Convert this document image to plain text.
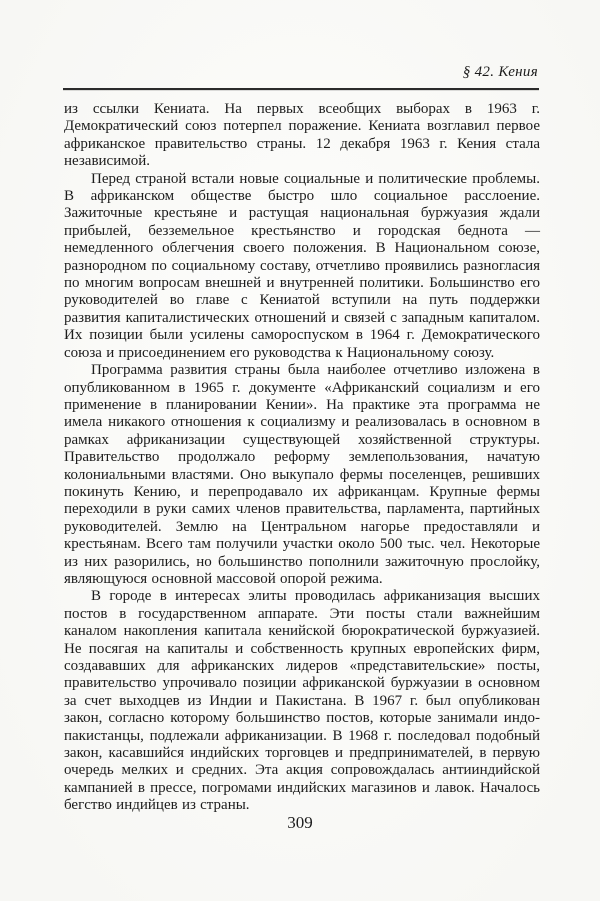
§ 42. Кения

из ссылки Кениата. На первых всеобщих выборах в 1963 г. Демократический союз потерпел поражение. Кениата возглавил первое африканское правительство страны. 12 декабря 1963 г. Кения стала независимой.

Перед страной встали новые социальные и политические проблемы. В африканском обществе быстро шло социальное расслоение. Зажиточные крестьяне и растущая национальная буржуазия ждали прибылей, безземельное крестьянство и городская беднота — немедленного облегчения своего положения. В Национальном союзе, разнородном по социальному составу, отчетливо проявились разногласия по многим вопросам внешней и внутренней политики. Большинство его руководителей во главе с Кениатой вступили на путь поддержки развития капиталистических отношений и связей с западным капиталом. Их позиции были усилены самороспуском в 1964 г. Демократического союза и присоединением его руководства к Национальному союзу.

Программа развития страны была наиболее отчетливо изложена в опубликованном в 1965 г. документе «Африканский социализм и его применение в планировании Кении». На практике эта программа не имела никакого отношения к социализму и реализовалась в основном в рамках африканизации существующей хозяйственной структуры. Правительство продолжало реформу землепользования, начатую колониальными властями. Оно выкупало фермы поселенцев, решивших покинуть Кению, и перепродавало их африканцам. Крупные фермы переходили в руки самих членов правительства, парламента, партийных руководителей. Землю на Центральном нагорье предоставляли и крестьянам. Всего там получили участки около 500 тыс. чел. Некоторые из них разорились, но большинство пополнили зажиточную прослойку, являющуюся основной массовой опорой режима.

В городе в интересах элиты проводилась африканизация высших постов в государственном аппарате. Эти посты стали важнейшим каналом накопления капитала кенийской бюрократической буржуазией. Не посягая на капиталы и собственность крупных европейских фирм, создававших для африканских лидеров «представительские» посты, правительство упрочивало позиции африканской буржуазии в основном за счет выходцев из Индии и Пакистана. В 1967 г. был опубликован закон, согласно которому большинство постов, которые занимали индо-пакистанцы, подлежали африканизации. В 1968 г. последовал подобный закон, касавшийся индийских торговцев и предпринимателей, в первую очередь мелких и средних. Эта акция сопровождалась антииндийской кампанией в прессе, погромами индийских магазинов и лавок. Началось бегство индийцев из страны.

309
